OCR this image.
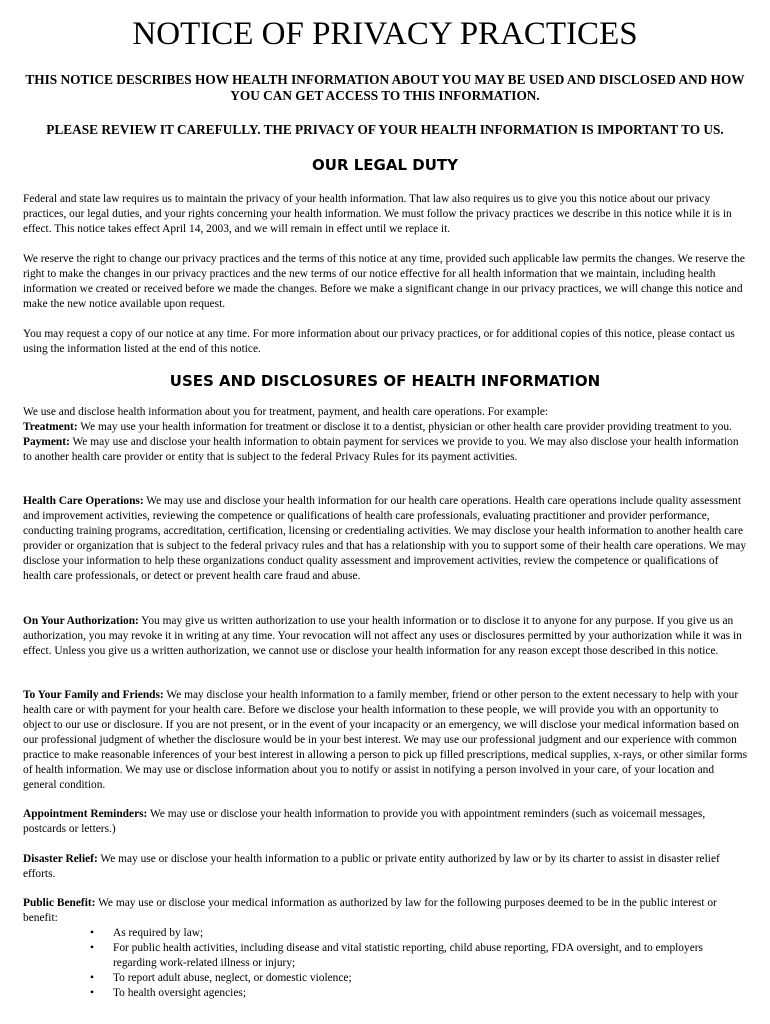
NOTICE OF PRIVACY PRACTICES

THIS NOTICE DESCRIBES HOW HEALTH INFORMATION ABOUT YOU MAY BE USED AND DISCLOSED AND HOW YOU CAN GET ACCESS TO THIS INFORMATION.

PLEASE REVIEW IT CAREFULLY. THE PRIVACY OF YOUR HEALTH INFORMATION IS IMPORTANT TO US.

OUR LEGAL DUTY

Federal and state law requires us to maintain the privacy of your health information. That law also requires us to give you this notice about our privacy practices, our legal duties, and your rights concerning your health information. We must follow the privacy practices we describe in this notice while it is in effect. This notice takes effect April 14, 2003, and we will remain in effect until we replace it.

We reserve the right to change our privacy practices and the terms of this notice at any time, provided such applicable law permits the changes. We reserve the right to make the changes in our privacy practices and the new terms of our notice effective for all health information that we maintain, including health information we created or received before we made the changes. Before we make a significant change in our privacy practices, we will change this notice and make the new notice available upon request.

You may request a copy of our notice at any time. For more information about our privacy practices, or for additional copies of this notice, please contact us using the information listed at the end of this notice.

USES AND DISCLOSURES OF HEALTH INFORMATION
We use and disclose health information about you for treatment, payment, and health care operations. For example:
Treatment: We may use your health information for treatment or disclose it to a dentist, physician or other health care provider providing treatment to you.
Payment: We may use and disclose your health information to obtain payment for services we provide to you. We may also disclose your health information to another health care provider or entity that is subject to the federal Privacy Rules for its payment activities.

Health Care Operations: We may use and disclose your health information for our health care operations. Health care operations include quality assessment and improvement activities, reviewing the competence or qualifications of health care professionals, evaluating practitioner and provider performance, conducting training programs, accreditation, certification, licensing or credentialing activities. We may disclose your health information to another health care provider or organization that is subject to the federal privacy rules and that has a relationship with you to support some of their health care operations. We may disclose your information to help these organizations conduct quality assessment and improvement activities, review the competence or qualifications of health care professionals, or detect or prevent health care fraud and abuse.

On Your Authorization: You may give us written authorization to use your health information or to disclose it to anyone for any purpose. If you give us an authorization, you may revoke it in writing at any time. Your revocation will not affect any uses or disclosures permitted by your authorization while it was in effect. Unless you give us a written authorization, we cannot use or disclose your health information for any reason except those described in this notice.

To Your Family and Friends: We may disclose your health information to a family member, friend or other person to the extent necessary to help with your health care or with payment for your health care. Before we disclose your health information to these people, we will provide you with an opportunity to object to our use or disclosure. If you are not present, or in the event of your incapacity or an emergency, we will disclose your medical information based on our professional judgment of whether the disclosure would be in your best interest. We may use our professional judgment and our experience with common practice to make reasonable inferences of your best interest in allowing a person to pick up filled prescriptions, medical supplies, x-rays, or other similar forms of health information. We may use or disclose information about you to notify or assist in notifying a person involved in your care, of your location and general condition.

Appointment Reminders: We may use or disclose your health information to provide you with appointment reminders (such as voicemail messages, postcards or letters.)

Disaster Relief: We may use or disclose your health information to a public or private entity authorized by law or by its charter to assist in disaster relief efforts.

Public Benefit: We may use or disclose your medical information as authorized by law for the following purposes deemed to be in the public interest or benefit:

• As required by law;
• For public health activities, including disease and vital statistic reporting, child abuse reporting, FDA oversight, and to employers regarding work-related illness or injury;
• To report adult abuse, neglect, or domestic violence;
• To health oversight agencies;
